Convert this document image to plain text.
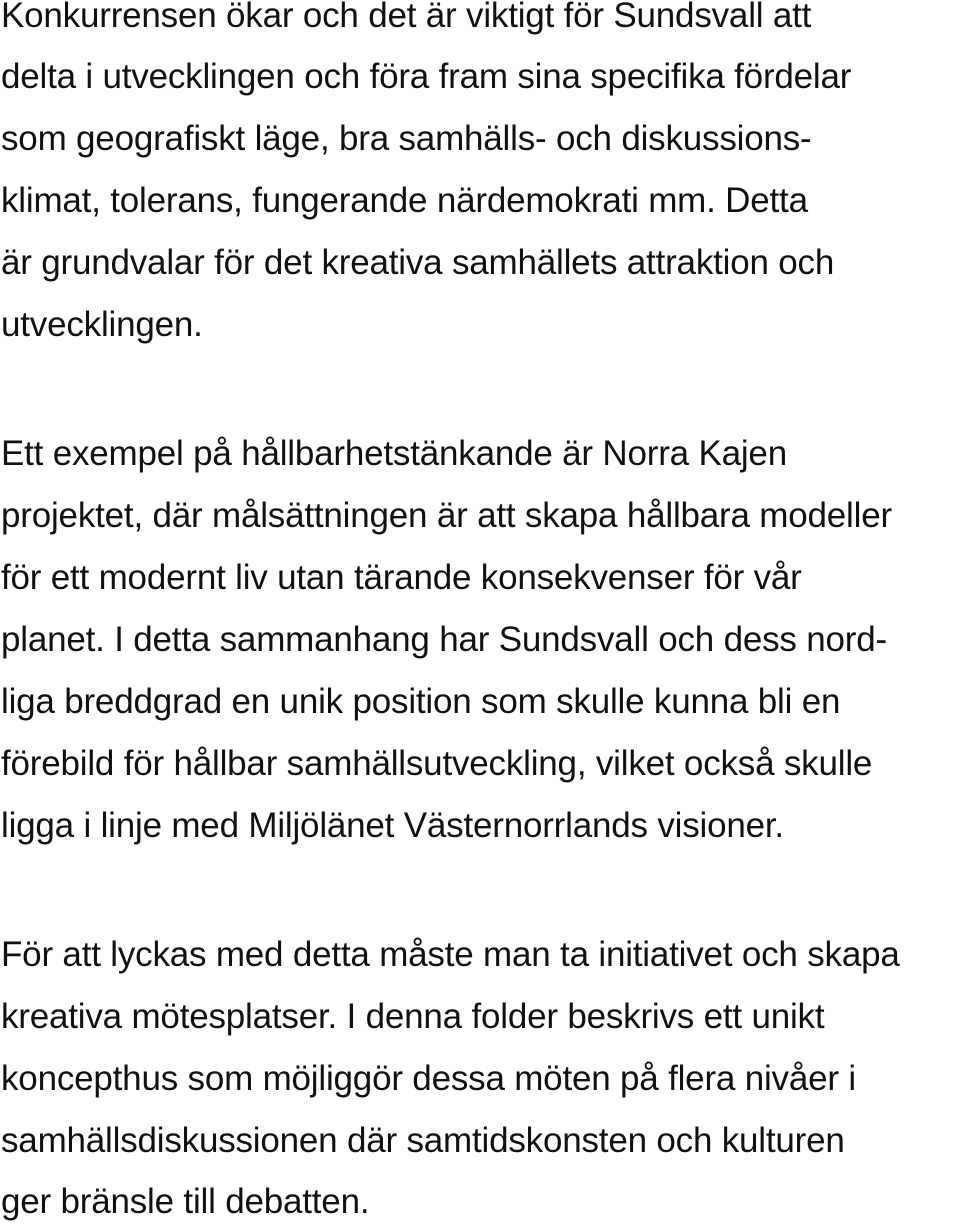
Konkurrensen ökar och det är viktigt för Sundsvall att
delta i utvecklingen och föra fram sina specifika fördelar
som geografiskt läge, bra samhälls- och diskussions-
klimat, tolerans, fungerande närdemokrati mm. Detta
är grundvalar för det kreativa samhällets attraktion och
utvecklingen.
Ett exempel på hållbarhetstänkande är Norra Kajen
projektet, där målsättningen är att skapa hållbara modeller
för ett modernt liv utan tärande konsekvenser för vår
planet. I detta sammanhang har Sundsvall och dess nord-
liga breddgrad en unik position som skulle kunna bli en
förebild för hållbar samhällsutveckling, vilket också skulle
ligga i linje med Miljölänet Västernorrlands visioner.
För att lyckas med detta måste man ta initiativet och skapa
kreativa mötesplatser. I denna folder beskrivs ett unikt
koncepthus som möjliggör dessa möten på flera nivåer i
samhällsdiskussionen där samtidskonsten och kulturen
ger bränsle till debatten.
